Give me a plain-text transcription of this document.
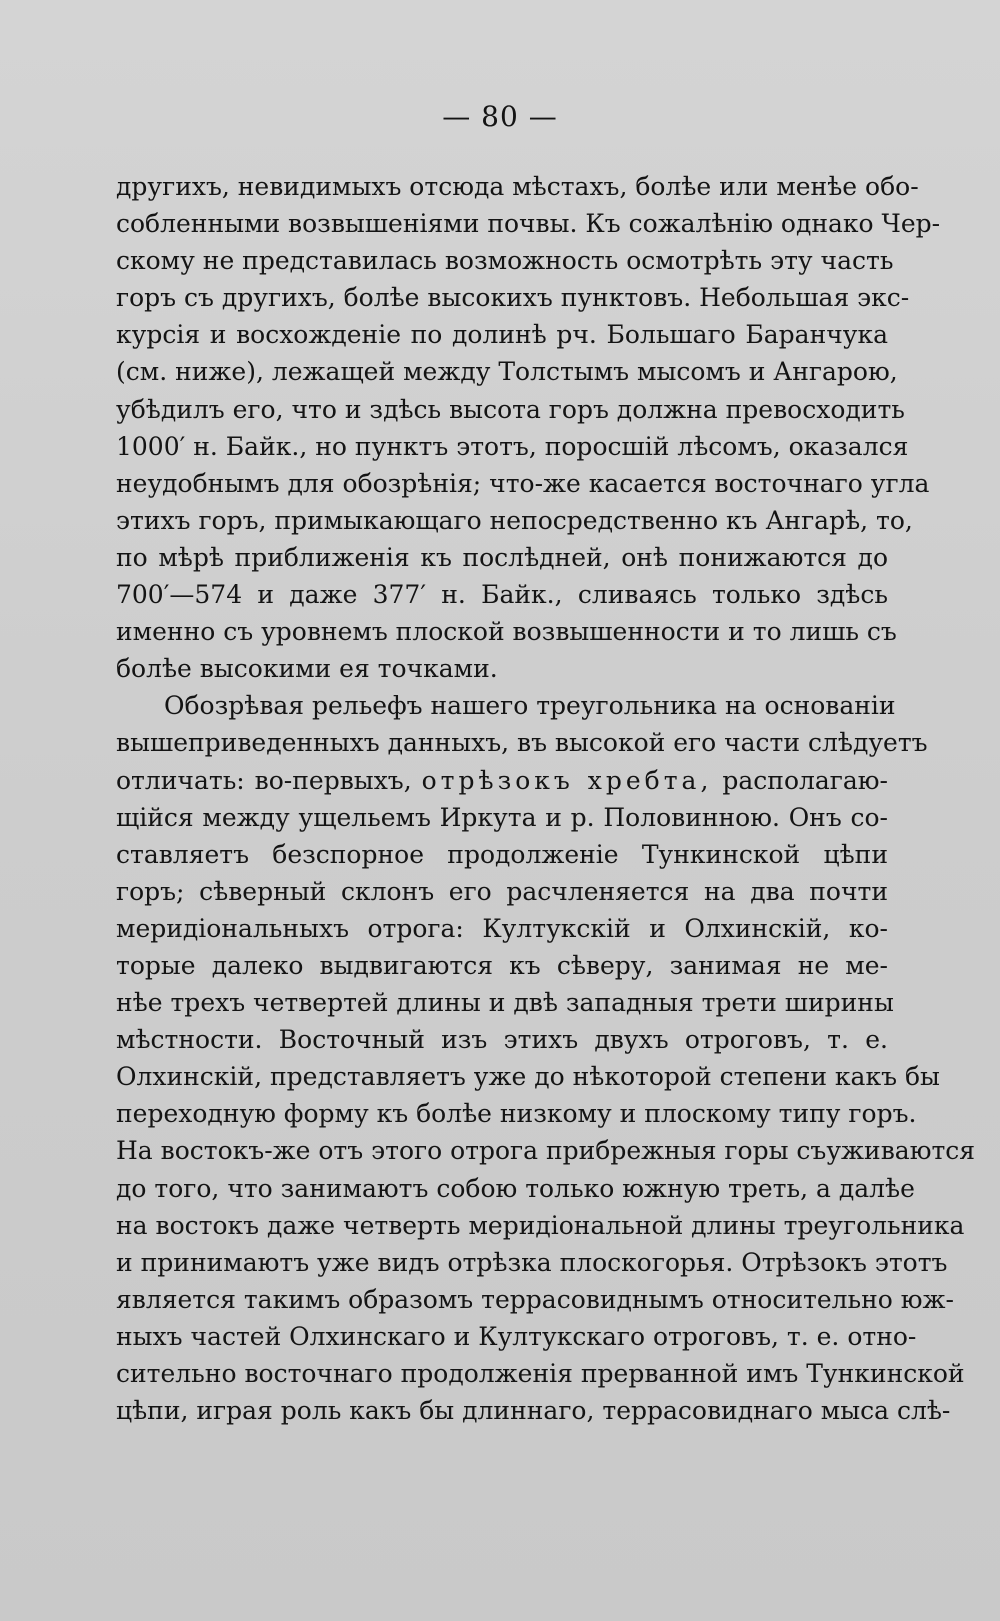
— 80 —
другихъ, невидимыхъ отсюда мѣстахъ, болѣе или менѣе обо-
собленными возвышеніями почвы. Къ сожалѣнію однако Чер-
скому не представилась возможность осмотрѣть эту часть
горъ съ другихъ, болѣе высокихъ пунктовъ. Небольшая экс-
курсія и восхожденіе по долинѣ рч. Большаго Баранчука
(см. ниже), лежащей между Толстымъ мысомъ и Ангарою,
убѣдилъ его, что и здѣсь высота горъ должна превосходить
1000′ н. Байк., но пунктъ этотъ, поросшій лѣсомъ, оказался
неудобнымъ для обозрѣнія; что-же касается восточнаго угла
этихъ горъ, примыкающаго непосредственно къ Ангарѣ, то,
по мѣрѣ приближенія къ послѣдней, онѣ понижаются до
700′—574 и даже 377′ н. Байк., сливаясь только здѣсь
именно съ уровнемъ плоской возвышенности и то лишь съ
болѣе высокими ея точками.
Обозрѣвая рельефъ нашего треугольника на основаніи
вышеприведенныхъ данныхъ, въ высокой его части слѣдуетъ
отличать: во-первыхъ, отрѣзокъ хребта, располагаю-
щійся между ущельемъ Иркута и р. Половинною. Онъ со-
ставляетъ безспорное продолженіе Тункинской цѣпи
горъ; сѣверный склонъ его расчленяется на два почти
меридіональныхъ отрога: Култукскій и Олхинскій, ко-
торые далеко выдвигаются къ сѣверу, занимая не ме-
нѣе трехъ четвертей длины и двѣ западныя трети ширины
мѣстности. Восточный изъ этихъ двухъ отроговъ, т. е.
Олхинскій, представляетъ уже до нѣкоторой степени какъ бы
переходную форму къ болѣе низкому и плоскому типу горъ.
На востокъ-же отъ этого отрога прибрежныя горы съуживаются
до того, что занимаютъ собою только южную треть, а далѣе
на востокъ даже четверть меридіональной длины треугольника
и принимаютъ уже видъ отрѣзка плоскогорья. Отрѣзокъ этотъ
является такимъ образомъ террасовиднымъ относительно юж-
ныхъ частей Олхинскаго и Култукскаго отроговъ, т. е. отно-
сительно восточнаго продолженія прерванной имъ Тункинской
цѣпи, играя роль какъ бы длиннаго, террасовиднаго мыса слѣ-
